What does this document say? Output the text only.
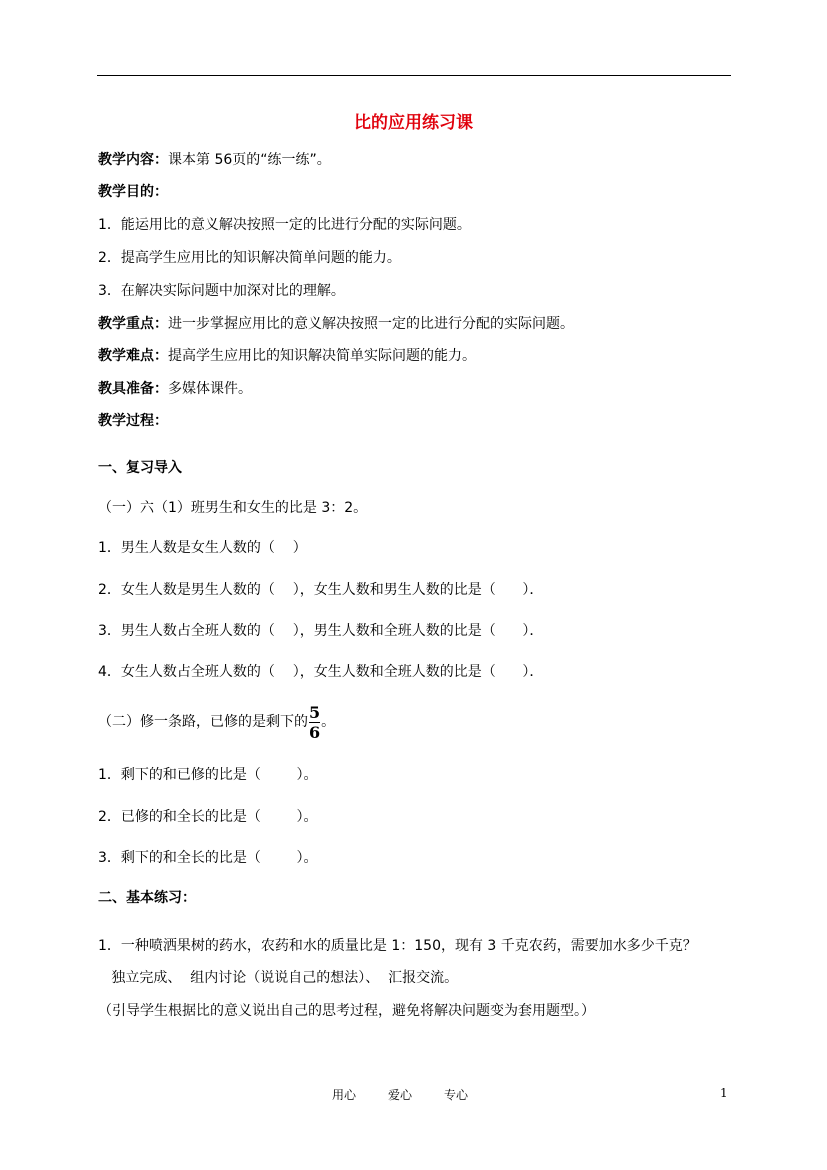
比的应用练习课
教学内容：课本第 56页的“练一练”。
教学目的：
1．能运用比的意义解决按照一定的比进行分配的实际问题。
2．提高学生应用比的知识解决简单问题的能力。
3．在解决实际问题中加深对比的理解。
教学重点：进一步掌握应用比的意义解决按照一定的比进行分配的实际问题。
教学难点：提高学生应用比的知识解决简单实际问题的能力。
教具准备：多媒体课件。
教学过程：
一、复习导入
（一）六（1）班男生和女生的比是 3：2。
1．男生人数是女生人数的（    ）
2．女生人数是男生人数的（    ），女生人数和男生人数的比是（      ）．
3．男生人数占全班人数的（    ），男生人数和全班人数的比是（      ）．
4．女生人数占全班人数的（    ），女生人数和全班人数的比是（      ）．
（二）修一条路，已修的是剩下的 $\frac{5}{6}$ 。
1．剩下的和已修的比是（        ）。
2．已修的和全长的比是（        ）。
3．剩下的和全长的比是（        ）。
二、基本练习：
1．一种喷洒果树的药水，农药和水的质量比是 1：150，现有 3 千克农药，需要加水多少千克？
独立完成、  组内讨论（说说自己的想法）、  汇报交流。
（引导学生根据比的意义说出自己的思考过程，避免将解决问题变为套用题型。）
用心	爱心	专心	1
